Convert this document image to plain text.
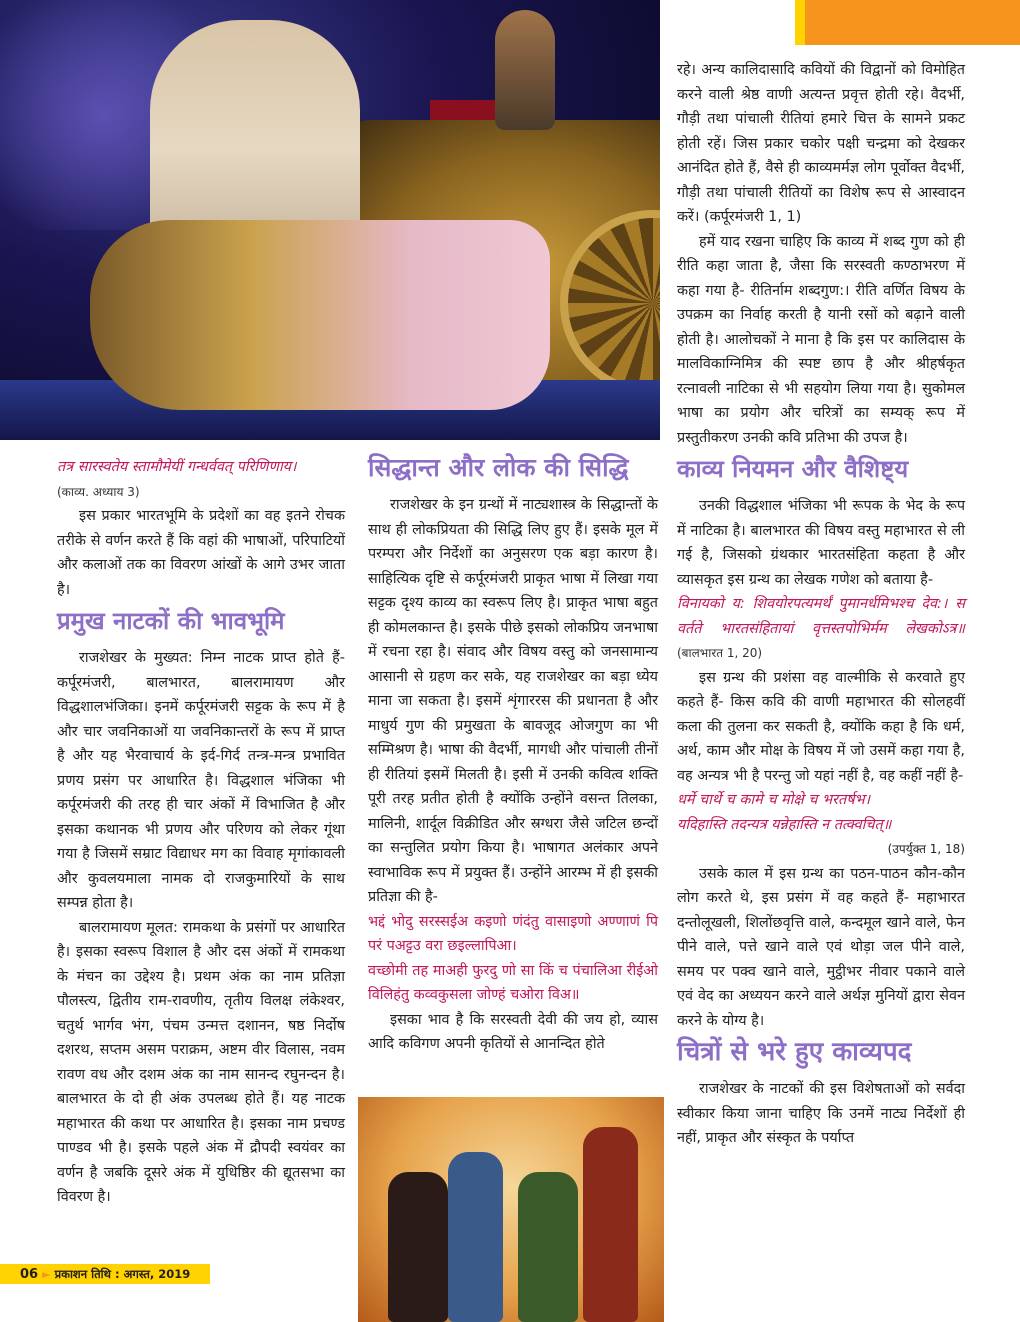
तत्र सारस्वतेय स्तामौमेयीं गन्धर्ववत् परिणिणाय।

(काव्य. अध्याय 3)

इस प्रकार भारतभूमि के प्रदेशों का वह इतने रोचक तरीके से वर्णन करते हैं कि वहां की भाषाओं, परिपाटियों और कलाओं तक का विवरण आंखों के आगे उभर जाता है।

प्रमुख नाटकों की भावभूमि

राजशेखर के मुख्यत: निम्न नाटक प्राप्त होते हैं- कर्पूरमंजरी, बालभारत, बालरामायण और विद्धशालभंजिका। इनमें कर्पूरमंजरी सट्टक के रूप में है और चार जवनिकाओं या जवनिकान्तरों के रूप में प्राप्त है और यह भैरवाचार्य के इर्द-गिर्द तन्त्र-मन्त्र प्रभावित प्रणय प्रसंग पर आधारित है। विद्धशाल भंजिका भी कर्पूरमंजरी की तरह ही चार अंकों में विभाजित है और इसका कथानक भी प्रणय और परिणय को लेकर गूंथा गया है जिसमें सम्राट विद्याधर मग का विवाह मृगांकावली और कुवलयमाला नामक दो राजकुमारियों के साथ सम्पन्न होता है।

बालरामायण मूलत: रामकथा के प्रसंगों पर आधारित है। इसका स्वरूप विशाल है और दस अंकों में रामकथा के मंचन का उद्देश्य है। प्रथम अंक का नाम प्रतिज्ञा पौलस्त्य, द्वितीय राम-रावणीय, तृतीय विलक्ष लंकेश्वर, चतुर्थ भार्गव भंग, पंचम उन्मत्त दशानन, षष्ठ निर्दोष दशरथ, सप्तम असम पराक्रम, अष्टम वीर विलास, नवम रावण वध और दशम अंक का नाम सानन्द रघुनन्दन है। बालभारत के दो ही अंक उपलब्ध होते हैं। यह नाटक महाभारत की कथा पर आधारित है। इसका नाम प्रचण्ड पाण्डव भी है। इसके पहले अंक में द्रौपदी स्वयंवर का वर्णन है जबकि दूसरे अंक में युधिष्ठिर की द्यूतसभा का विवरण है।

सिद्धान्त और लोक की सिद्धि

राजशेखर के इन ग्रन्थों में नाट्यशास्त्र के सिद्धान्तों के साथ ही लोकप्रियता की सिद्धि लिए हुए हैं। इसके मूल में परम्परा और निर्देशों का अनुसरण एक बड़ा कारण है। साहित्यिक दृष्टि से कर्पूरमंजरी प्राकृत भाषा में लिखा गया सट्टक दृश्य काव्य का स्वरूप लिए है। प्राकृत भाषा बहुत ही कोमलकान्त है। इसके पीछे इसको लोकप्रिय जनभाषा में रचना रहा है। संवाद और विषय वस्तु को जनसामान्य आसानी से ग्रहण कर सके, यह राजशेखर का बड़ा ध्येय माना जा सकता है। इसमें शृंगाररस की प्रधानता है और माधुर्य गुण की प्रमुखता के बावजूद ओजगुण का भी सम्मिश्रण है। भाषा की वैदर्भी, मागधी और पांचाली तीनों ही रीतियां इसमें मिलती है। इसी में उनकी कवित्व शक्ति पूरी तरह प्रतीत होती है क्योंकि उन्होंने वसन्त तिलका, मालिनी, शार्दूल विक्रीडित और स्रग्धरा जैसे जटिल छन्दों का सन्तुलित प्रयोग किया है। भाषागत अलंकार अपने स्वाभाविक रूप में प्रयुक्त हैं। उन्होंने आरम्भ में ही इसकी प्रतिज्ञा की है-

भद्दं भोदु सरस्सईअ कइणो णंदंतु वासाइणो अण्णाणं पि परं पअट्टउ वरा छइल्लापिआ।

वच्छोमी तह माअही फुरदु णो सा किं च पंचालिआ रीईओ विलिहंतु कव्वकुसला जोण्हं चओरा विअ॥

इसका भाव है कि सरस्वती देवी की जय हो, व्यास आदि कविगण अपनी कृतियों से आनन्दित होते

रहे। अन्य कालिदासादि कवियों की विद्वानों को विमोहित करने वाली श्रेष्ठ वाणी अत्यन्त प्रवृत्त होती रहे। वैदर्भी, गौड़ी तथा पांचाली रीतियां हमारे चित्त के सामने प्रकट होती रहें। जिस प्रकार चकोर पक्षी चन्द्रमा को देखकर आनंदित होते हैं, वैसे ही काव्यमर्मज्ञ लोग पूर्वोक्त वैदर्भी, गौड़ी तथा पांचाली रीतियों का विशेष रूप से आस्वादन करें। (कर्पूरमंजरी 1, 1)

हमें याद रखना चाहिए कि काव्य में शब्द गुण को ही रीति कहा जाता है, जैसा कि सरस्वती कण्ठाभरण में कहा गया है- रीतिर्नाम शब्दगुण:। रीति वर्णित विषय के उपक्रम का निर्वाह करती है यानी रसों को बढ़ाने वाली होती है। आलोचकों ने माना है कि इस पर कालिदास के मालविकाग्निमित्र की स्पष्ट छाप है और श्रीहर्षकृत रत्नावली नाटिका से भी सहयोग लिया गया है। सुकोमल भाषा का प्रयोग और चरित्रों का सम्यक् रूप में प्रस्तुतीकरण उनकी कवि प्रतिभा की उपज है।

काव्य नियमन और वैशिष्ट्य

उनकी विद्धशाल भंजिका भी रूपक के भेद के रूप में नाटिका है। बालभारत की विषय वस्तु महाभारत से ली गई है, जिसको ग्रंथकार भारतसंहिता कहता है और व्यासकृत इस ग्रन्थ का लेखक गणेश को बताया है-

विनायको य: शिवयोरपत्यमर्थं पुमानर्धमिभश्च देव:। स वर्तते भारतसंहितायां वृत्तस्तपोभिर्मम लेखकोऽत्र॥ (बालभारत 1, 20)

इस ग्रन्थ की प्रशंसा वह वाल्मीकि से करवाते हुए कहते हैं- किस कवि की वाणी महाभारत की सोलहवीं कला की तुलना कर सकती है, क्योंकि कहा है कि धर्म, अर्थ, काम और मोक्ष के विषय में जो उसमें कहा गया है, वह अन्यत्र भी है परन्तु जो यहां नहीं है, वह कहीं नहीं है-

धर्मे चार्थे च कामे च मोक्षे च भरतर्षभ।

यदिहास्ति तदन्यत्र यन्नेहास्ति न तत्क्वचित्॥

(उपर्युक्त 1, 18)

उसके काल में इस ग्रन्थ का पठन-पाठन कौन-कौन लोग करते थे, इस प्रसंग में वह कहते हैं- महाभारत दन्तोलूखली, शिलोंछवृत्ति वाले, कन्दमूल खाने वाले, फेन पीने वाले, पत्ते खाने वाले एवं थोड़ा जल पीने वाले, समय पर पक्व खाने वाले, मुट्ठीभर नीवार पकाने वाले एवं वेद का अध्ययन करने वाले अर्थज्ञ मुनियों द्वारा सेवन करने के योग्य है।

चित्रों से भरे हुए काव्यपद

राजशेखर के नाटकों की इस विशेषताओं को सर्वदा स्वीकार किया जाना चाहिए कि उनमें नाट्य निर्देशों ही नहीं, प्राकृत और संस्कृत के पर्याप्त

06 ► प्रकाशन तिथि : अगस्त, 2019
